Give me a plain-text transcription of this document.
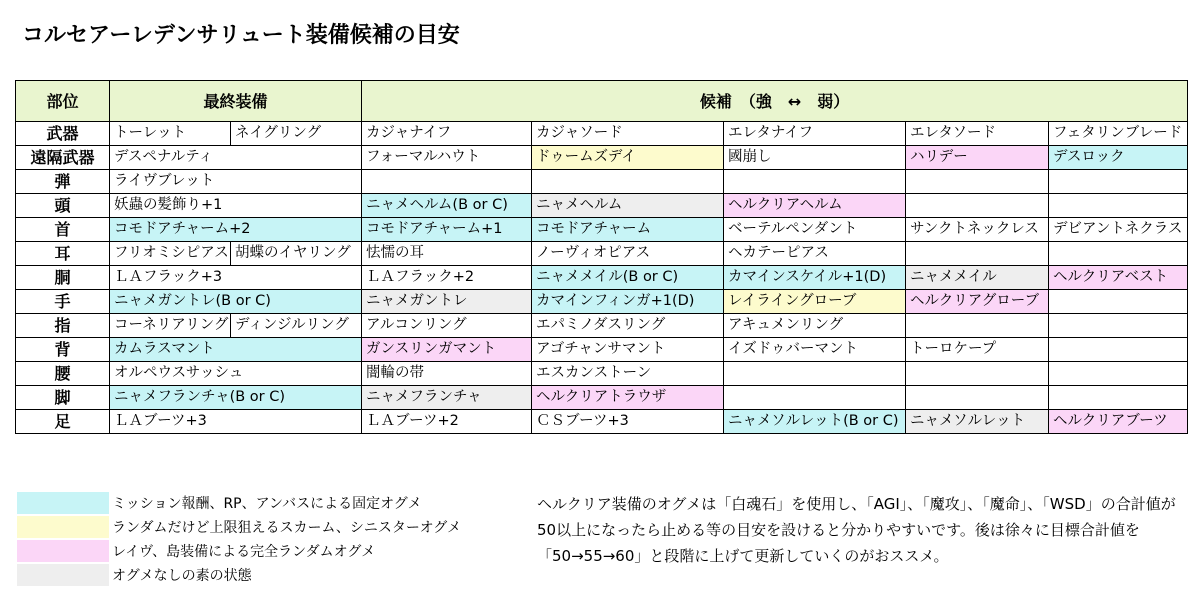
コルセアーレデンサリュート装備候補の目安
部位	最終装備		候補　（強　↔　弱）				
武器	トーレット	ネイグリング	カジャナイフ	カジャソード	エレタナイフ	エレタソード	フェタリンブレード
遠隔武器	デスペナルティ		フォーマルハウト	ドゥームズデイ	國崩し	ハリデー	デスロック
弾	ライヴブレット						
頭	妖蟲の髪飾り+1		ニャメヘルム(B or C)	ニャメヘルム	ヘルクリアヘルム		
首	コモドアチャーム+2		コモドアチャーム+1	コモドアチャーム	ベーテルペンダント	サンクトネックレス	デビアントネクラス
耳	フリオミシピアス	胡蝶のイヤリング	怯懦の耳	ノーヴィオピアス	ヘカテーピアス		
胴	ＬＡフラック+3		ＬＡフラック+2	ニャメメイル(B or C)	カマインスケイル+1(D)	ニャメメイル	ヘルクリアベスト
手	ニャメガントレ(B or C)		ニャメガントレ	カマインフィンガ+1(D)	レイライングローブ	ヘルクリアグローブ	
指	コーネリアリング	ディンジルリング	アルコンリング	エパミノダスリング	アキュメンリング		
背	カムラスマント		ガンスリンガマント	アゴチャンサマント	イズドゥバーマント	トーロケープ	
腰	オルペウスサッシュ		闇輪の帯	エスカンストーン			
脚	ニャメフランチャ(B or C)		ニャメフランチャ	ヘルクリアトラウザ			
足	ＬＡブーツ+3		ＬＡブーツ+2	ＣＳブーツ+3	ニャメソルレット(B or C)	ニャメソルレット	ヘルクリアブーツ
ミッション報酬、RP、アンバスによる固定オグメ
ランダムだけど上限狙えるスカーム、シニスターオグメ
レイヴ、島装備による完全ランダムオグメ
オグメなしの素の状態
ヘルクリア装備のオグメは「白魂石」を使用し、「AGI」、「魔攻」、「魔命」、「WSD」の合計値が
50以上になったら止める等の目安を設けると分かりやすいです。後は徐々に目標合計値を
「50→55→60」と段階に上げて更新していくのがおススメ。
